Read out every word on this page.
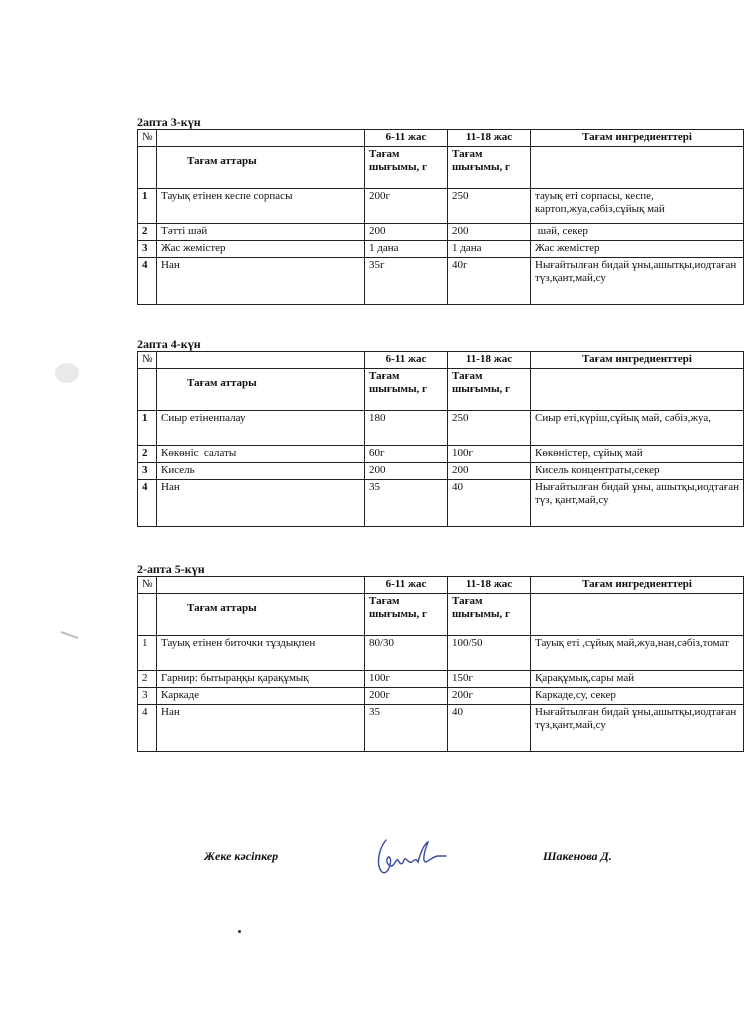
2апта 3-күн
№		6-11 жас	11-18 жас	Тағам ингредиенттері
	Тағам аттары	Тағам шығымы, г	Тағам шығымы, г	
1	Тауық етінен кеспе сорпасы	200г	250	тауық еті сорпасы, кеспе, картоп,жуа,сәбіз,сұйық май
2	Тәтті шәй	200	200	шәй, секер
3	Жас жемістер	1 дана	1 дана	Жас жемістер
4	Нан	35г	40г	Нығайтылған бидай ұны,ашытқы,иодтаған түз,қант,май,су
2апта 4-күн
№		6-11 жас	11-18 жас	Тағам ингредиенттері
	Тағам аттары	Тағам шығымы, г	Тағам шығымы, г	
1	Сиыр етіненпалау	180	250	Сиыр еті,күріш,сұйық май, сәбіз,жуа,
2	Көкөніс  салаты	60г	100г	Көкөністер, сұйық май
3	Кисель	200	200	Кисель концентраты,секер
4	Нан	35	40	Нығайтылған бидай ұны, ашытқы,иодтаған түз, қант,май,су
2-апта 5-күн
№		6-11 жас	11-18 жас	Тағам ингредиенттері
	Тағам аттары	Тағам шығымы, г	Тағам шығымы, г	
1	Тауық етінен биточки тұздықпен	80/30	100/50	Тауық еті ,сұйық май,жуа,нан,сәбіз,томат
2	Гарнир: бытыраңқы қарақұмық	100г	150г	Қарақұмық,сары май
3	Каркаде	200г	200г	Каркаде,су, секер
4	Нан	35	40	Нығайтылған бидай ұны,ашытқы,иодтаған түз,қант,май,су
Жеке кәсіпкер	Шакенова Д.
